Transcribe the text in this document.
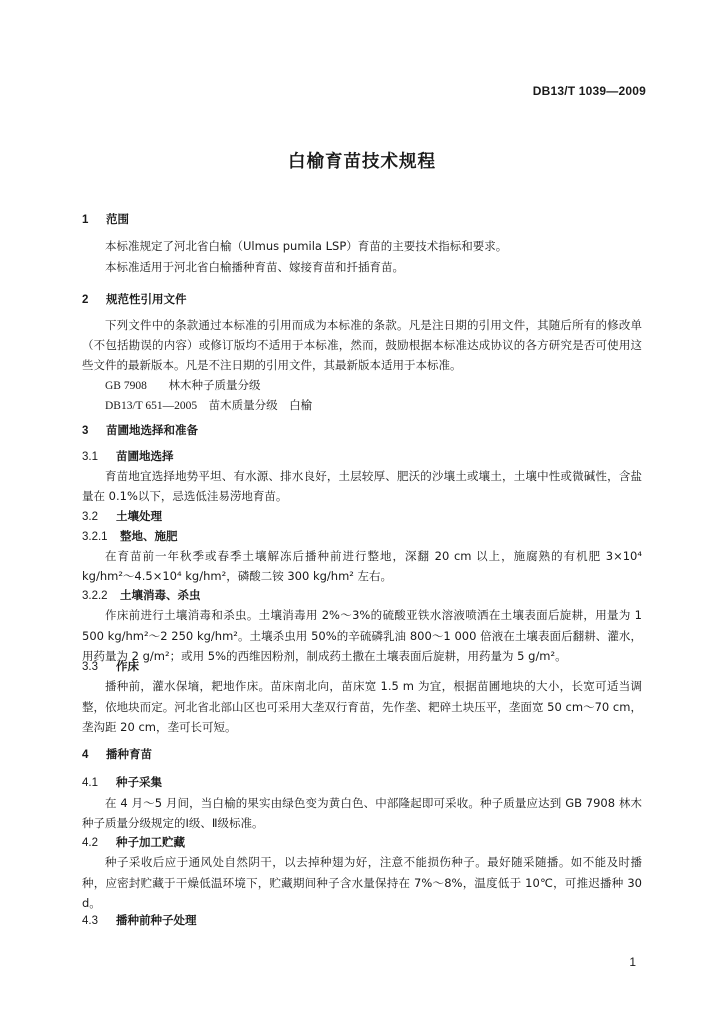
DB13/T 1039—2009
白榆育苗技术规程
1 范围
本标准规定了河北省白榆（Ulmus pumila LSP）育苗的主要技术指标和要求。
本标准适用于河北省白榆播种育苗、嫁接育苗和扦插育苗。
2 规范性引用文件
下列文件中的条款通过本标准的引用而成为本标准的条款。凡是注日期的引用文件，其随后所有的修改单（不包括勘误的内容）或修订版均不适用于本标准，然而，鼓励根据本标准达成协议的各方研究是否可使用这些文件的最新版本。凡是不注日期的引用文件，其最新版本适用于本标准。
GB 7908　 林木种子质量分级
DB13/T 651—2005　 苗木质量分级　白榆
3 苗圃地选择和准备
3.1 苗圃地选择
育苗地宜选择地势平坦、有水源、排水良好，土层较厚、肥沃的沙壤土或壤土，土壤中性或微碱性，含盐量在 0.1%以下，忌选低洼易涝地育苗。
3.2 土壤处理
3.2.1 整地、施肥
在育苗前一年秋季或春季土壤解冻后播种前进行整地，深翻 20 cm 以上，施腐熟的有机肥 3×10⁴ kg/hm²～4.5×10⁴ kg/hm²，磷酸二铵 300 kg/hm² 左右。
3.2.2 土壤消毒、杀虫
作床前进行土壤消毒和杀虫。土壤消毒用 2%～3%的硫酸亚铁水溶液喷洒在土壤表面后旋耕，用量为 1 500 kg/hm²～2 250 kg/hm²。土壤杀虫用 50%的辛硫磷乳油 800～1 000 倍液在土壤表面后翻耕、灌水，用药量为 2 g/m²；或用 5%的西维因粉剂，制成药土撒在土壤表面后旋耕，用药量为 5 g/m²。
3.3 作床
播种前，灌水保墒，耙地作床。苗床南北向，苗床宽 1.5 m 为宜，根据苗圃地块的大小，长宽可适当调整，依地块而定。河北省北部山区也可采用大垄双行育苗，先作垄、耙碎土块压平，垄面宽 50 cm～70 cm，垄沟距 20 cm，垄可长可短。
4 播种育苗
4.1 种子采集
在 4 月～5 月间，当白榆的果实由绿色变为黄白色、中部隆起即可采收。种子质量应达到 GB 7908 林木种子质量分级规定的Ⅰ级、Ⅱ级标准。
4.2 种子加工贮藏
种子采收后应于通风处自然阴干，以去掉种翅为好，注意不能损伤种子。最好随采随播。如不能及时播种，应密封贮藏于干燥低温环境下，贮藏期间种子含水量保持在 7%～8%，温度低于 10℃，可推迟播种 30 d。
4.3 播种前种子处理
1
